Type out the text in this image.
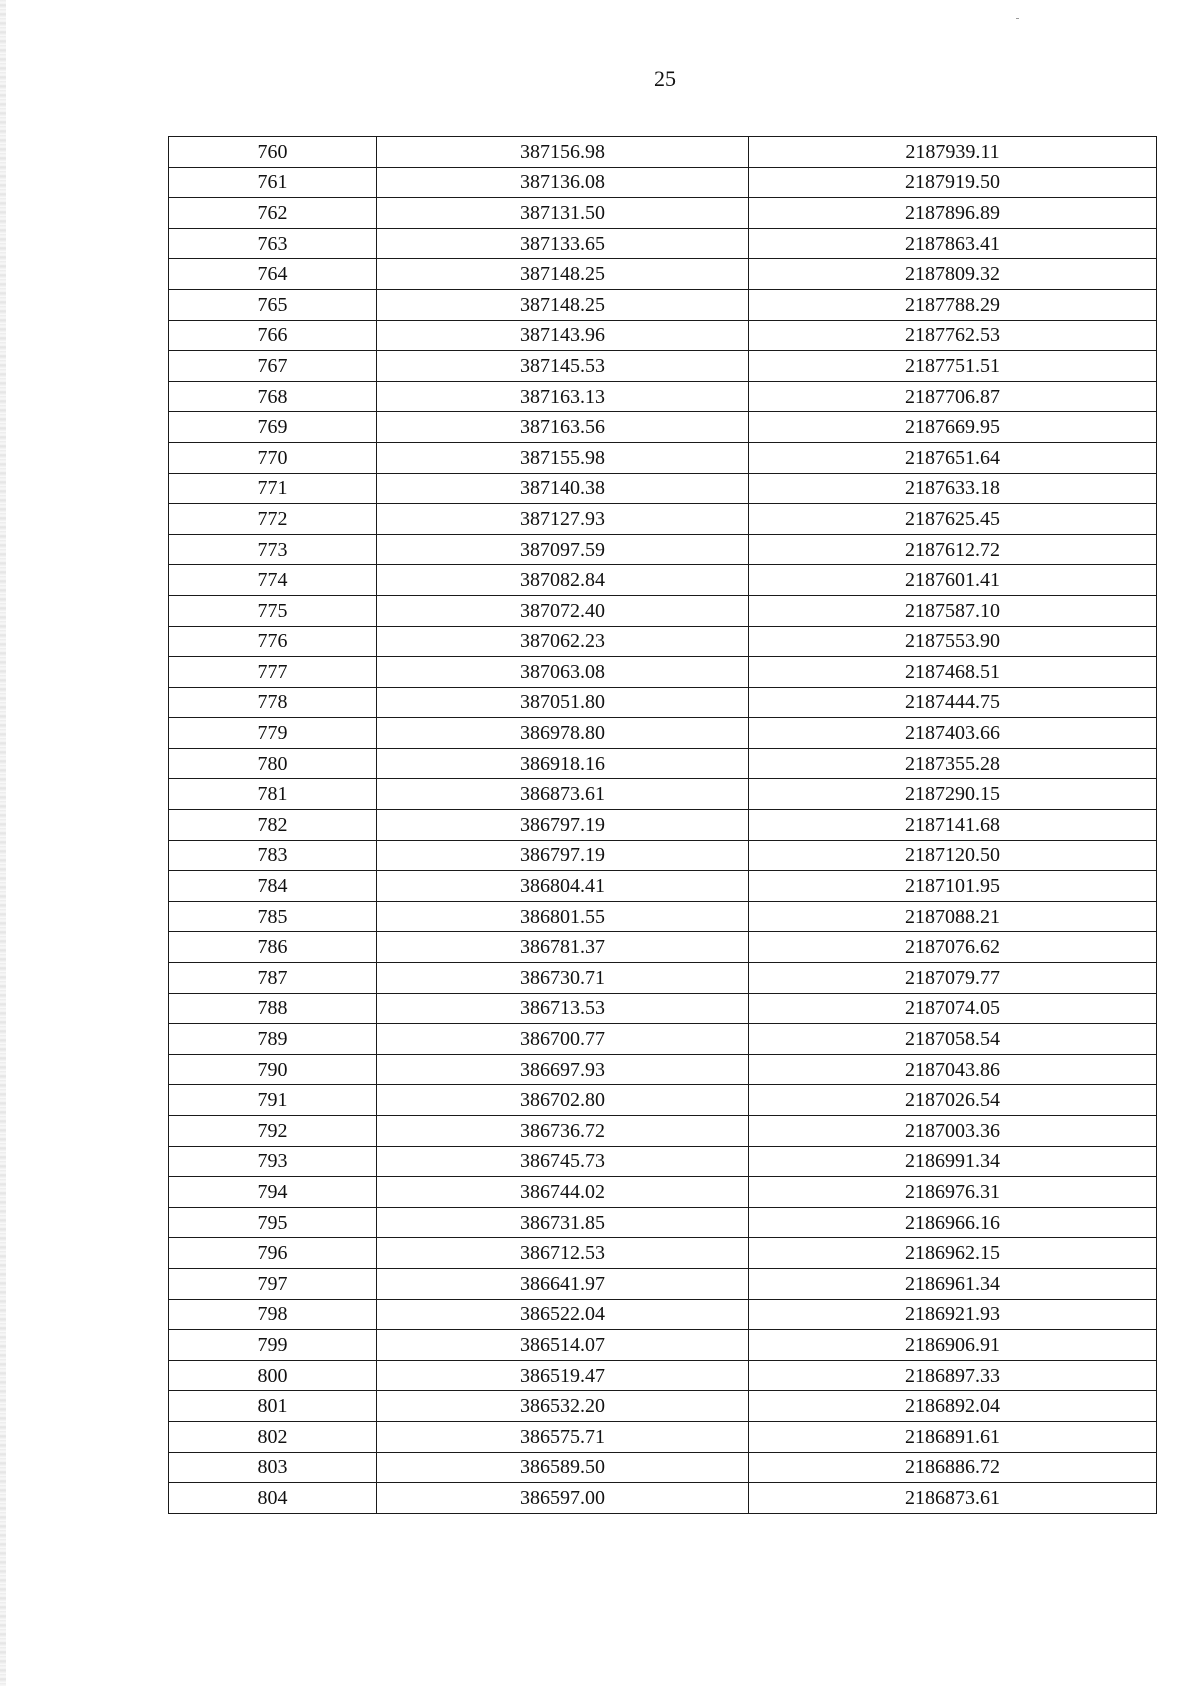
25
760	387156.98	2187939.11
761	387136.08	2187919.50
762	387131.50	2187896.89
763	387133.65	2187863.41
764	387148.25	2187809.32
765	387148.25	2187788.29
766	387143.96	2187762.53
767	387145.53	2187751.51
768	387163.13	2187706.87
769	387163.56	2187669.95
770	387155.98	2187651.64
771	387140.38	2187633.18
772	387127.93	2187625.45
773	387097.59	2187612.72
774	387082.84	2187601.41
775	387072.40	2187587.10
776	387062.23	2187553.90
777	387063.08	2187468.51
778	387051.80	2187444.75
779	386978.80	2187403.66
780	386918.16	2187355.28
781	386873.61	2187290.15
782	386797.19	2187141.68
783	386797.19	2187120.50
784	386804.41	2187101.95
785	386801.55	2187088.21
786	386781.37	2187076.62
787	386730.71	2187079.77
788	386713.53	2187074.05
789	386700.77	2187058.54
790	386697.93	2187043.86
791	386702.80	2187026.54
792	386736.72	2187003.36
793	386745.73	2186991.34
794	386744.02	2186976.31
795	386731.85	2186966.16
796	386712.53	2186962.15
797	386641.97	2186961.34
798	386522.04	2186921.93
799	386514.07	2186906.91
800	386519.47	2186897.33
801	386532.20	2186892.04
802	386575.71	2186891.61
803	386589.50	2186886.72
804	386597.00	2186873.61
